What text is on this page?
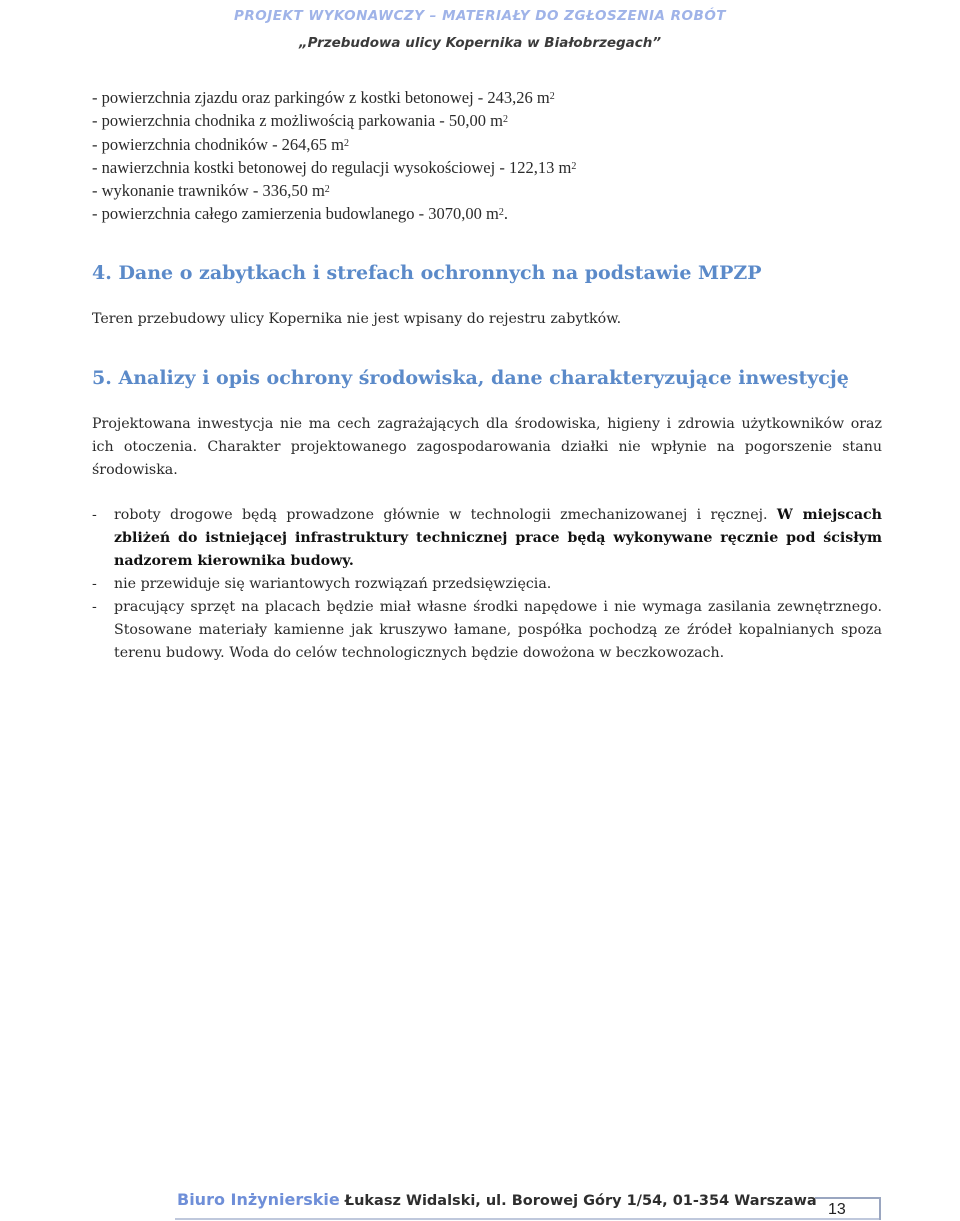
PROJEKT WYKONAWCZY – MATERIAŁY DO ZGŁOSZENIA ROBÓT
„Przebudowa ulicy Kopernika w Białobrzegach”
- powierzchnia zjazdu oraz parkingów z kostki betonowej - 243,26 $m^2$
- powierzchnia chodnika z możliwością parkowania - 50,00 $m^2$
- powierzchnia chodników - 264,65 $m^2$
- nawierzchnia kostki betonowej do regulacji wysokościowej - 122,13 $m^2$
- wykonanie trawników - 336,50 $m^2$
- powierzchnia całego zamierzenia budowlanego - 3070,00 $m^2$.
4. Dane o zabytkach i strefach ochronnych na podstawie MPZP

Teren przebudowy ulicy Kopernika nie jest wpisany do rejestru zabytków.

5. Analizy i opis ochrony środowiska, dane charakteryzujące inwestycję

Projektowana inwestycja nie ma cech zagrażających dla środowiska, higieny i zdrowia użytkowników oraz ich otoczenia. Charakter projektowanego zagospodarowania działki nie wpłynie na pogorszenie stanu środowiska.

- roboty drogowe będą prowadzone głównie w technologii zmechanizowanej i ręcznej. W miejscach zbliżeń do istniejącej infrastruktury technicznej prace będą wykonywane ręcznie pod ścisłym nadzorem kierownika budowy.
- nie przewiduje się wariantowych rozwiązań przedsięwzięcia.
- pracujący sprzęt na placach będzie miał własne środki napędowe i nie wymaga zasilania zewnętrznego. Stosowane materiały kamienne jak kruszywo łamane, pospółka pochodzą ze źródeł kopalnianych spoza terenu budowy. Woda do celów technologicznych będzie dowożona w beczkowozach.
Biuro Inżynierskie Łukasz Widalski, ul. Borowej Góry 1/54, 01-354 Warszawa 13
